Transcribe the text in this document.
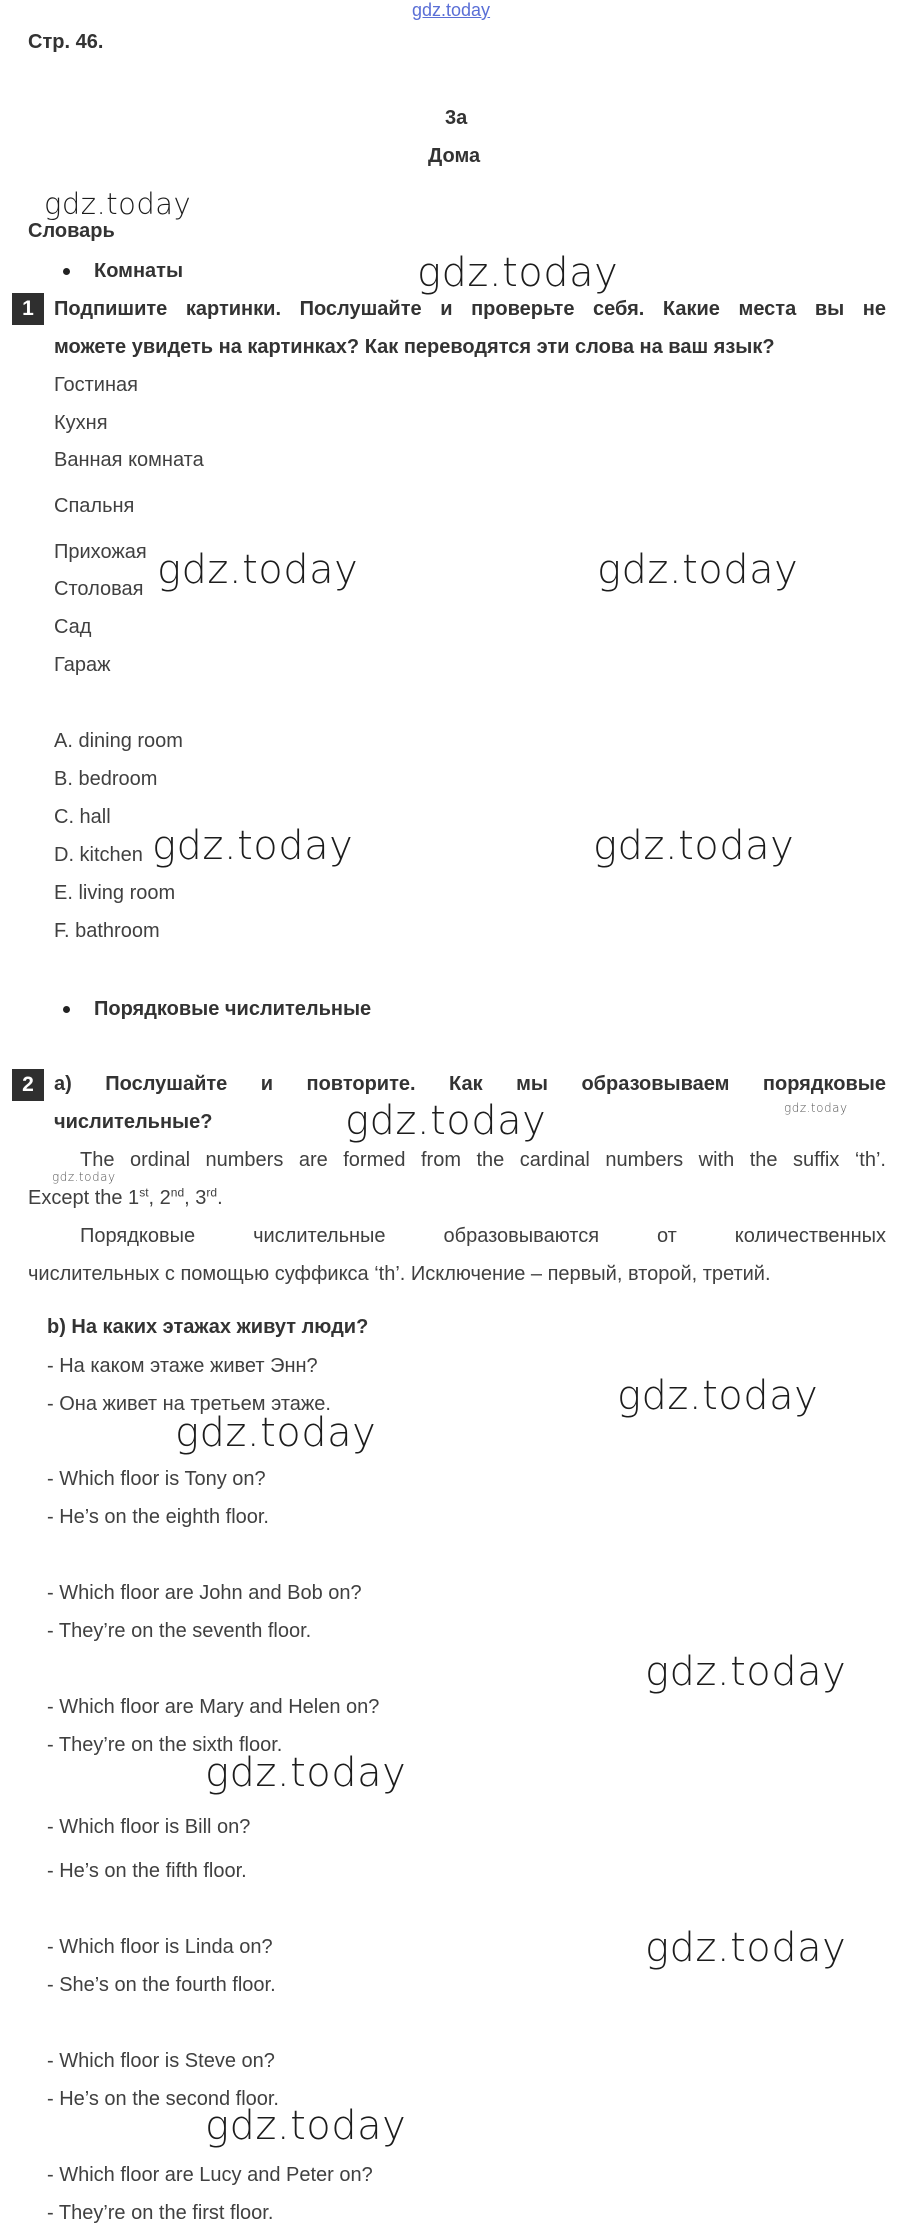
gdz.today
Стр. 46.
3a
Дома
Словарь
Комнаты
1	Подпишите картинки. Послушайте и проверьте себя. Какие места вы не
можете увидеть на картинках? Как переводятся эти слова на ваш язык?
Гостиная
Кухня
Ванная комната
Спальня
Прихожая
Столовая
Сад
Гараж
A. dining room
B. bedroom
C. hall
D. kitchen
E. living room
F. bathroom
Порядковые числительные
2	a) Послушайте и повторите. Как мы образовываем порядковые
числительные?
The ordinal numbers are formed from the cardinal numbers with the suffix ‘th’.
Except the 1st, 2nd, 3rd.
Порядковые числительные образовываются от количественных
числительных с помощью суффикса ‘th’. Исключение – первый, второй, третий.
b) На каких этажах живут люди?
- На каком этаже живет Энн?
- Она живет на третьем этаже.
- Which floor is Tony on?
- He’s on the eighth floor.
- Which floor are John and Bob on?
- They’re on the seventh floor.
- Which floor are Mary and Helen on?
- They’re on the sixth floor.
- Which floor is Bill on?
- He’s on the fifth floor.
- Which floor is Linda on?
- She’s on the fourth floor.
- Which floor is Steve on?
- He’s on the second floor.
- Which floor are Lucy and Peter on?
- They’re on the first floor.
gdz.today
gdz.today
gdz.today	gdz.today
gdz.today	gdz.today
gdz.today	gdz.today
gdz.today
gdz.today
gdz.today
gdz.today
gdz.today
gdz.today
gdz.today
